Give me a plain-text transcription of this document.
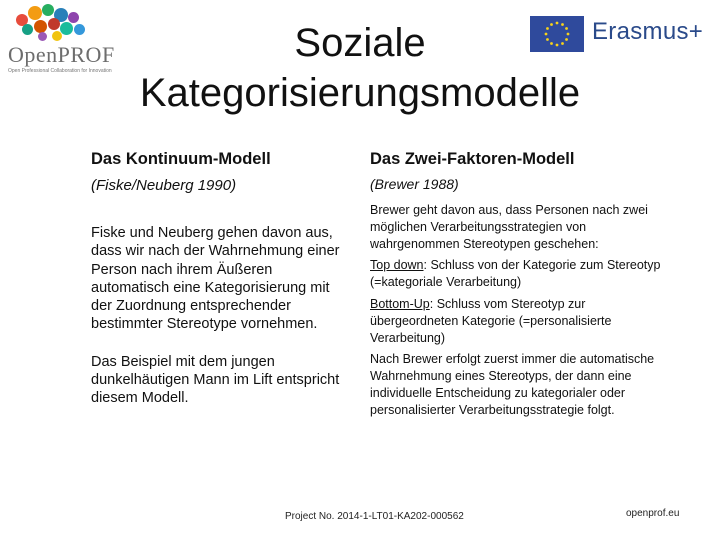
OpenPROF
Open Professional Collaboration for Innovation
Erasmus+
Soziale Kategorisierungsmodelle

Das Kontinuum-Modell

(Fiske/Neuberg 1990)

Fiske und Neuberg gehen davon aus, dass wir nach der Wahrnehmung einer Person nach ihrem Äußeren automatisch eine Kategorisierung mit der Zuordnung entsprechender bestimmter Stereotype vornehmen.

Das Beispiel mit dem jungen dunkelhäutigen Mann im Lift entspricht diesem Modell.

Das Zwei-Faktoren-Modell

(Brewer 1988)

Brewer geht davon aus, dass Personen nach zwei möglichen Verarbeitungsstrategien von wahrgenommen Stereotypen geschehen:

Top down: Schluss von der Kategorie zum Stereotyp (=kategoriale Verarbeitung)

Bottom-Up: Schluss vom Stereotyp zur übergeordneten Kategorie (=personalisierte Verarbeitung)

Nach Brewer erfolgt zuerst immer die automatische Wahrnehmung eines Stereotyps, der dann eine individuelle Entscheidung zu kategorialer oder personalisierter Verarbeitungsstrategie folgt.

Project No. 2014-1-LT01-KA202-000562	openprof.eu
